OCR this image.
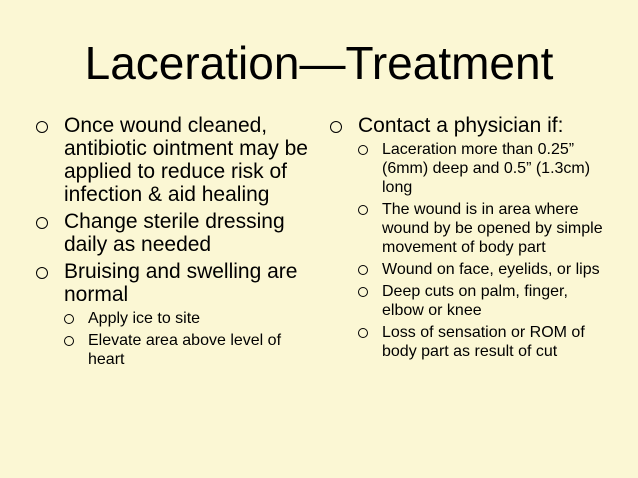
Laceration—Treatment
Once wound cleaned, antibiotic ointment may be applied to reduce risk of infection & aid healing
Change sterile dressing daily as needed
Bruising and swelling are normal
Apply ice to site
Elevate area above level of heart
Contact a physician if:
Laceration more than 0.25” (6mm) deep and 0.5” (1.3cm) long
The wound is in area where wound by be opened by simple movement of body part
Wound on face, eyelids, or lips
Deep cuts on palm, finger, elbow or knee
Loss of sensation or ROM of body part as result of cut
